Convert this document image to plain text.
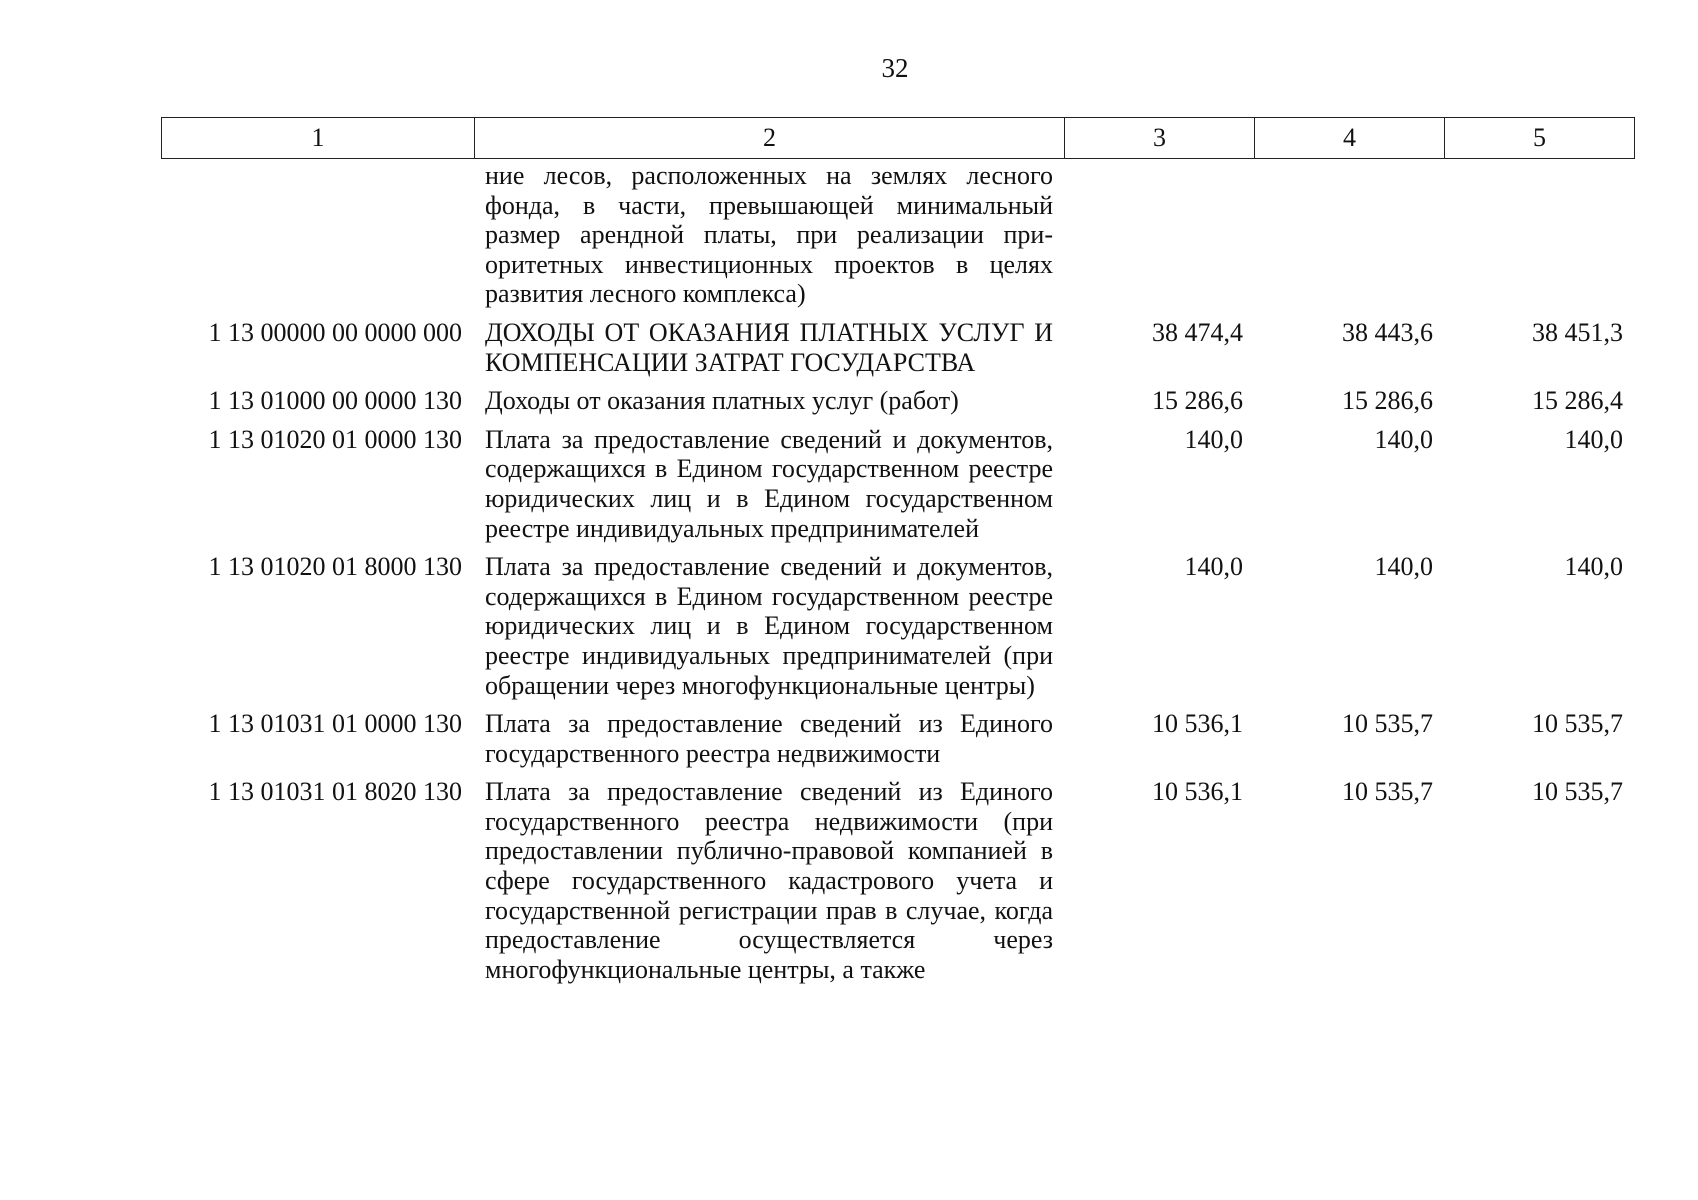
32
1	2	3	4	5
	ние лесов, расположенных на землях лесного фонда, в части, превышающей минимальный размер арендной платы, при реализации приоритетных инвестиционных проектов в целях развития лесного комплекса)			
1 13 00000 00 0000 000	ДОХОДЫ ОТ ОКАЗАНИЯ ПЛАТНЫХ УСЛУГ И КОМПЕНСАЦИИ ЗАТРАТ ГОСУДАРСТВА	38 474,4	38 443,6	38 451,3
1 13 01000 00 0000 130	Доходы от оказания платных услуг (работ)	15 286,6	15 286,6	15 286,4
1 13 01020 01 0000 130	Плата за предоставление сведений и документов, содержащихся в Едином государственном реестре юридических лиц и в Едином государственном реестре индивидуальных предпринимателей	140,0	140,0	140,0
1 13 01020 01 8000 130	Плата за предоставление сведений и документов, содержащихся в Едином государственном реестре юридических лиц и в Едином государственном реестре индивидуальных предпринимателей (при обращении через многофункциональные центры)	140,0	140,0	140,0
1 13 01031 01 0000 130	Плата за предоставление сведений из Единого государственного реестра недвижимости	10 536,1	10 535,7	10 535,7
1 13 01031 01 8020 130	Плата за предоставление сведений из Единого государственного реестра недвижимости (при предоставлении публично-правовой компанией в сфере государственного кадастрового учета и государственной регистрации прав в случае, когда предоставление осуществляется через многофункциональные центры, а также	10 536,1	10 535,7	10 535,7
